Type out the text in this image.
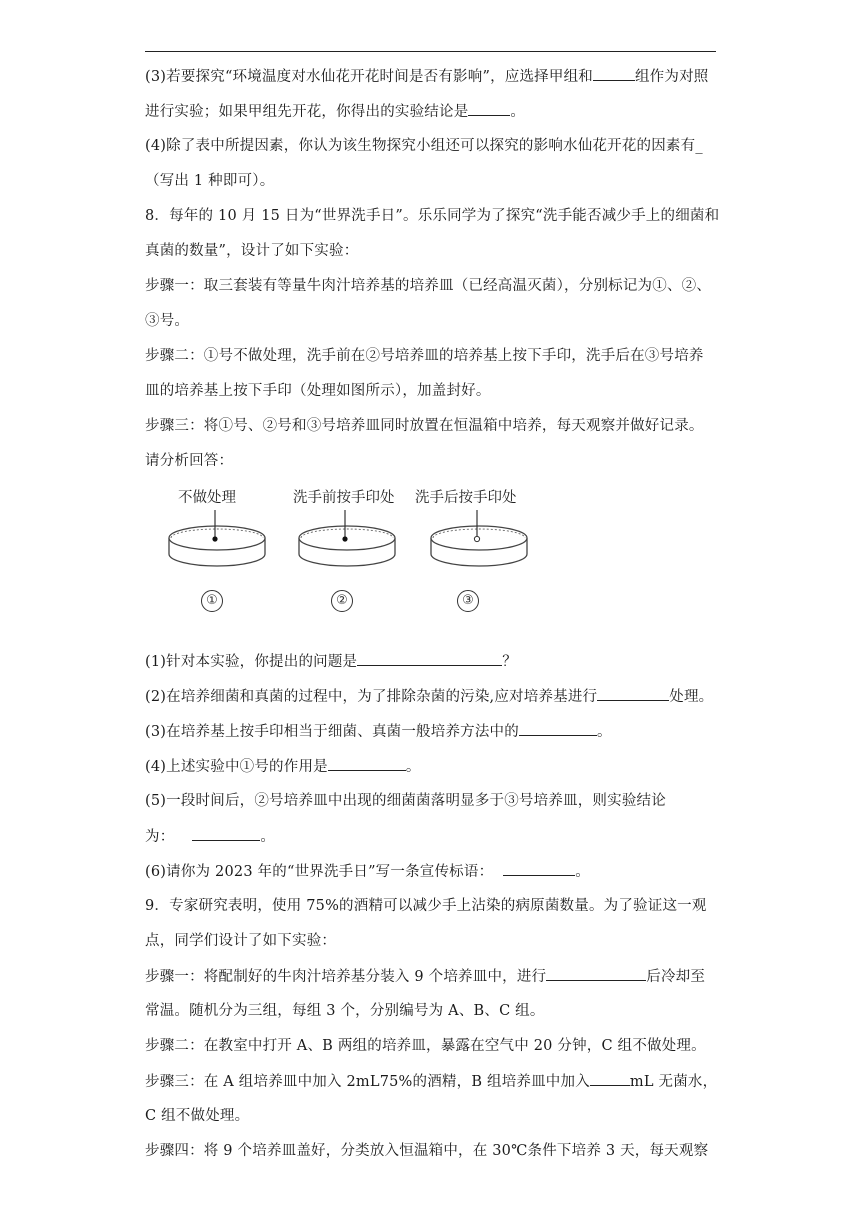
(3)若要探究“环境温度对水仙花开花时间是否有影响”，应选择甲组和	组作为对照
进行实验；如果甲组先开花，你得出的实验结论是	。
(4)除了表中所提因素，你认为该生物探究小组还可以探究的影响水仙花开花的因素有_
（写出 1 种即可）。
8．每年的 10 月 15 日为“世界洗手日”。乐乐同学为了探究“洗手能否减少手上的细菌和
真菌的数量”，设计了如下实验：
步骤一：取三套装有等量牛肉汁培养基的培养皿（已经高温灭菌），分别标记为①、②、
③号。
步骤二：①号不做处理，洗手前在②号培养皿的培养基上按下手印，洗手后在③号培养
皿的培养基上按下手印（处理如图所示），加盖封好。
步骤三：将①号、②号和③号培养皿同时放置在恒温箱中培养，每天观察并做好记录。
请分析回答：
不做处理	洗手前按手印处 洗手后按手印处
①	②	③
(1)针对本实验，你提出的问题是	？
(2)在培养细菌和真菌的过程中，为了排除杂菌的污染,应对培养基进行	处理。
(3)在培养基上按手印相当于细菌、真菌一般培养方法中的	。
(4)上述实验中①号的作用是	。
(5)一段时间后，②号培养皿中出现的细菌菌落明显多于③号培养皿，则实验结论
为：	。
(6)请你为 2023 年的“世界洗手日”写一条宣传标语：	。
9．专家研究表明，使用 75%的酒精可以减少手上沾染的病原菌数量。为了验证这一观
点，同学们设计了如下实验：
步骤一：将配制好的牛肉汁培养基分装入 9 个培养皿中，进行	后冷却至
常温。随机分为三组，每组 3 个，分别编号为 A、B、C 组。
步骤二：在教室中打开 A、B 两组的培养皿，暴露在空气中 20 分钟，C 组不做处理。
步骤三：在 A 组培养皿中加入 2mL75%的酒精，B 组培养皿中加入	mL 无菌水，
C 组不做处理。
步骤四：将 9 个培养皿盖好，分类放入恒温箱中，在 30℃条件下培养 3 天，每天观察
